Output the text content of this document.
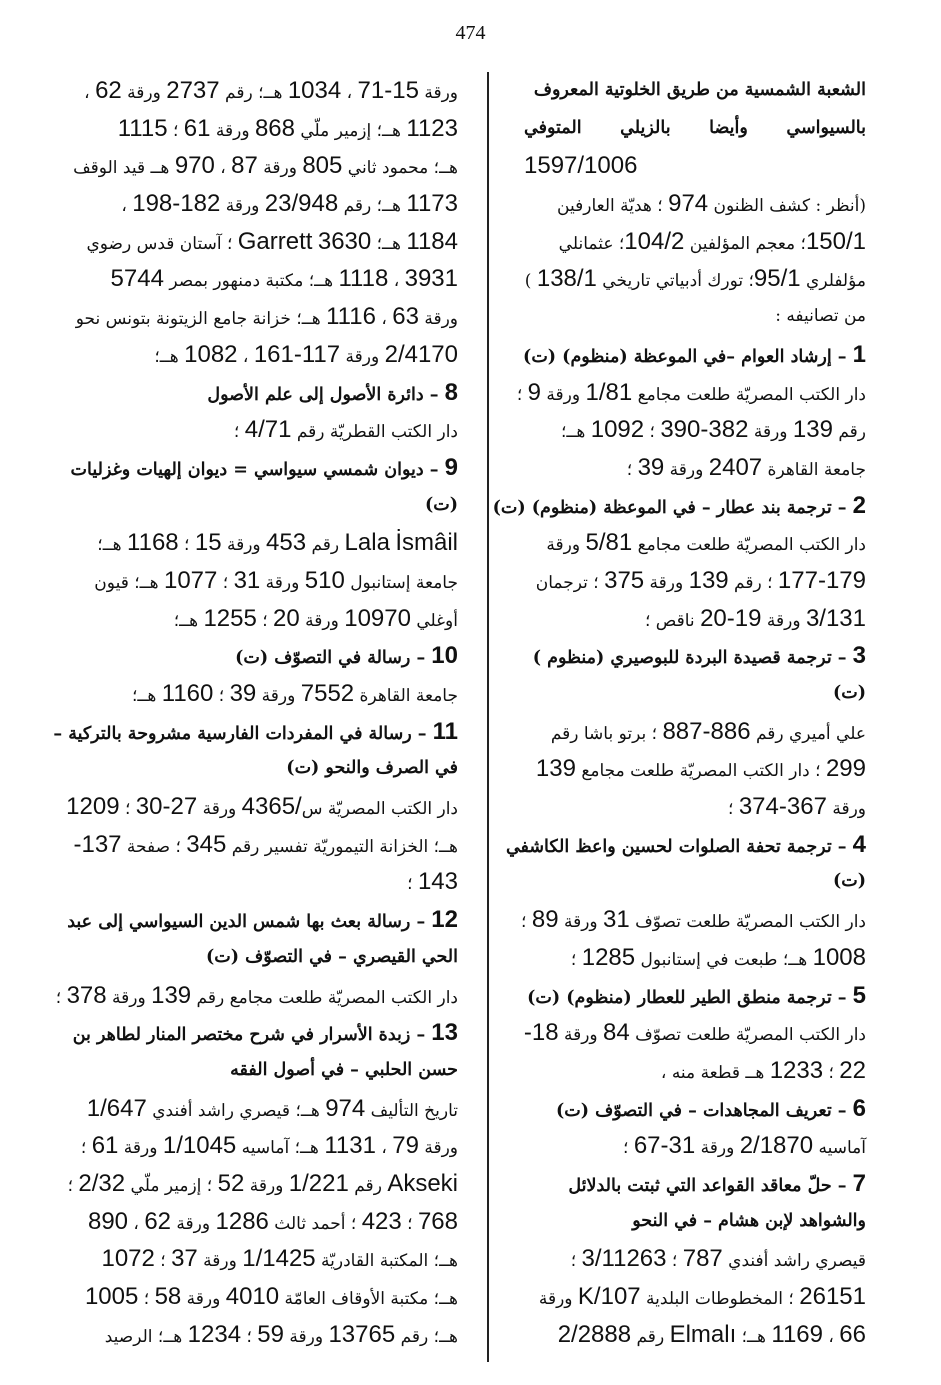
474
الشعبة الشمسية من طريق الخلوتية المعروف
بالسيواسي وأيضا بالزيلي المتوفي
1597/1006
(أنظر : كشف الظنون 974 ؛ هديّة العارفين
150/1؛ معجم المؤلفين 104/2؛ عثمانلي
مؤلفلري 95/1؛ تورك أدبياتي تاريخي 138/1 )
من تصانيفه :
1 – إرشاد العوام –في الموعظة (منظوم) (ت)
دار الكتب المصريّة طلعت مجامع 1/81 ورقة 9 ؛
رقم 139 ورقة 382-390 ؛ 1092 هــ؛
جامعة القاهرة 2407 ورقة 39 ؛
2 – ترجمة بند عطار – في الموعظة (منظوم) (ت)
دار الكتب المصريّة طلعت مجامع 5/81 ورقة
177-179 ؛ رقم 139 ورقة 375 ؛ ترجمان
3/131 ورقة 19-20 ناقص ؛
3 – ترجمة قصيدة البردة للبوصيري (منظوم )
(ت)
علي أميري رقم 886-887 ؛ برتو باشا رقم
299 ؛ دار الكتب المصريّة طلعت مجامع 139
ورقة 367-374 ؛
4 – ترجمة تحفة الصلوات لحسين واعظ الكاشفي
(ت)
دار الكتب المصريّة طلعت تصوّف 31 ورقة 89 ؛
1008 هــ؛ طبعت في إستانبول 1285 ؛
5 – ترجمة منطق الطير للعطار (منظوم) (ت)
دار الكتب المصريّة طلعت تصوّف 84 ورقة 18-
22 ؛ 1233 هــ قطعة منه ،
6 – تعريف المجاهدات – في التصوّف (ت)
آماسيه 2/1870 ورقة 31-67 ؛
7 – حلّ معاقد القواعد التي ثبتت بالدلائل
والشواهد لإبن هشام – في النحو
قيصري راشد أفندي 787 ؛ 3/11263 ؛
26151 ؛ المخطوطات البلدية 107/K ورقة
66 ، 1169 هــ؛ Elmalı رقم 2/2888
ورقة 15-71 ، 1034 هــ؛ رقم 2737 ورقة 62 ،
1123 هــ؛ إزمير ملّي 868 ورقة 61 ؛ 1115
هــ؛ محمود ثاني 805 ورقة 87 ، 970 هــ قيد الوقف
1173 هــ؛ رقم 23/948 ورقة 182-198 ،
1184 هــ؛ Garrett 3630 ؛ آستان قدس رضوي
3931 ، 1118 هــ؛ مكتبة دمنهور بمصر 5744
ورقة 63 ، 1116 هــ؛ خزانة جامع الزيتونة بتونس نحو
2/4170 ورقة 117-161 ، 1082 هــ؛
8 – دائرة الأصول إلى علم الأصول
دار الكتب القطريّة رقم 4/71 ؛
9 – ديوان شمسي سيواسي = ديوان إلهيات وغزليات
(ت)
Lala İsmâil رقم 453 ورقة 15 ؛ 1168 هــ؛
جامعة إستانبول 510 ورقة 31 ؛ 1077 هــ؛ قيون
أوغلي 10970 ورقة 20 ؛ 1255 هــ؛
10 – رسالة في التصوّف (ت)
جامعة القاهرة 7552 ورقة 39 ؛ 1160 هــ؛
11 – رسالة في المفردات الفارسية مشروحة بالتركية –
في الصرف والنحو (ت)
دار الكتب المصريّة س/4365 ورقة 27-30 ؛ 1209
هــ؛ الخزانة التيموريّة تفسير رقم 345 ؛ صفحة 137-
143 ؛
12 – رسالة بعث بها شمس الدين السيواسي إلى عبد
الحي القيصري – في التصوّف (ت)
دار الكتب المصريّة طلعت مجامع رقم 139 ورقة 378 ؛
13 – زبدة الأسرار في شرح مختصر المنار لطاهر بن
حسن الحلبي – في أصول الفقه
تاريخ التأليف 974 هــ؛ قيصري راشد أفندي 1/647
ورقة 79 ، 1131 هــ؛ آماسيه 1/1045 ورقة 61 ؛
Akseki رقم 1/221 ورقة 52 ؛ إزمير ملّي 2/32 ؛
768 ؛ 423 ؛ أحمد ثالث 1286 ورقة 62 ، 890
هــ؛ المكتبة القادريّة 1/1425 ورقة 37 ؛ 1072
هــ؛ مكتبة الأوقاف العامّة 4010 ورقة 58 ؛ 1005
هــ؛ رقم 13765 ورقة 59 ؛ 1234 هــ؛ الرصيد
